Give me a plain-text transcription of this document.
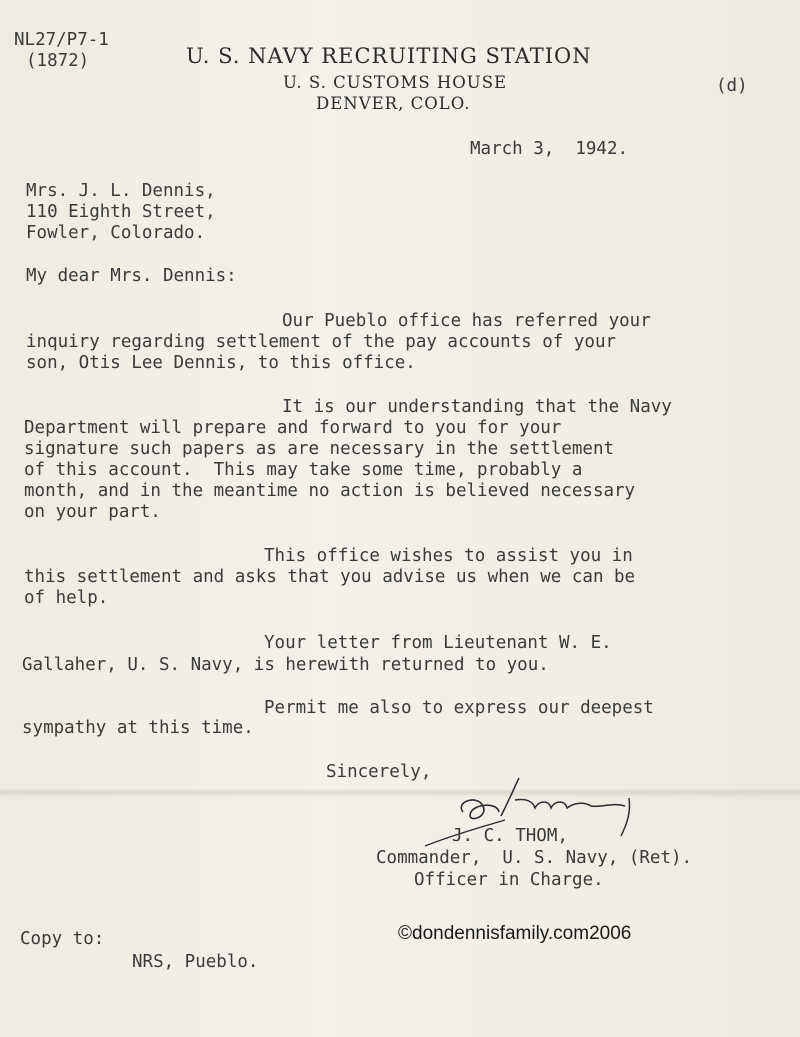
NL27/P7-1
(1872)	U. S. NAVY RECRUITING STATION
U. S. CUSTOMS HOUSE
DENVER, COLO.
(d)
March 3,  1942.
Mrs. J. L. Dennis,
110 Eighth Street,
Fowler, Colorado.
My dear Mrs. Dennis:
Our Pueblo office has referred your
inquiry regarding settlement of the pay accounts of your
son, Otis Lee Dennis, to this office.
It is our understanding that the Navy
Department will prepare and forward to you for your
signature such papers as are necessary in the settlement
of this account.  This may take some time, probably a
month, and in the meantime no action is believed necessary
on your part.
This office wishes to assist you in
this settlement and asks that you advise us when we can be
of help.
Your letter from Lieutenant W. E.
Gallaher, U. S. Navy, is herewith returned to you.
Permit me also to express our deepest
sympathy at this time.
Sincerely,
J. C. THOM,
Commander,  U. S. Navy, (Ret).
Officer in Charge.
Copy to:
NRS, Pueblo.
©dondennisfamily.com2006
